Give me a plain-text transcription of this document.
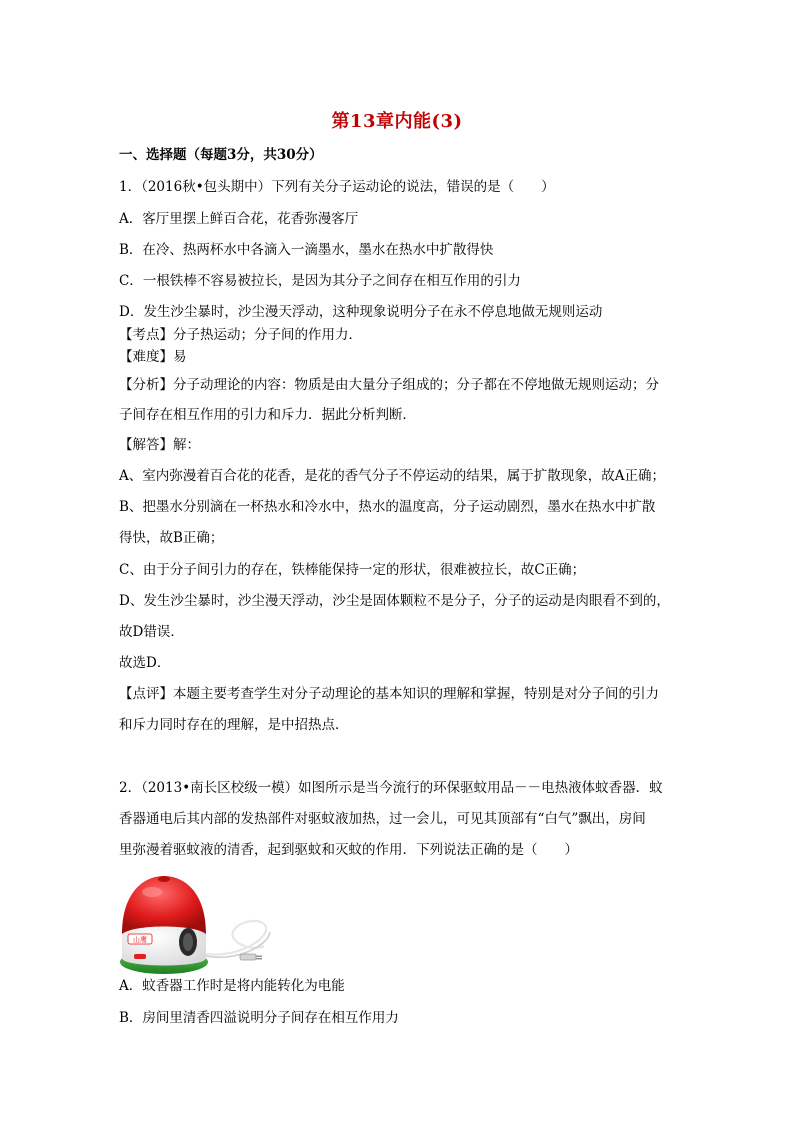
第13章内能(3)
一、选择题（每题3分，共30分）
1．（2016秋•包头期中）下列有关分子运动论的说法，错误的是（　　）
A．客厅里摆上鲜百合花，花香弥漫客厅
B．在冷、热两杯水中各滴入一滴墨水，墨水在热水中扩散得快
C．一根铁棒不容易被拉长，是因为其分子之间存在相互作用的引力
D．发生沙尘暴时，沙尘漫天浮动，这种现象说明分子在永不停息地做无规则运动
【考点】分子热运动；分子间的作用力．
【难度】易
【分析】分子动理论的内容：物质是由大量分子组成的；分子都在不停地做无规则运动；分
子间存在相互作用的引力和斥力．据此分析判断．
【解答】解：
A、室内弥漫着百合花的花香，是花的香气分子不停运动的结果，属于扩散现象，故A正确；
B、把墨水分别滴在一杯热水和冷水中，热水的温度高，分子运动剧烈，墨水在热水中扩散
得快，故B正确；
C、由于分子间引力的存在，铁棒能保持一定的形状，很难被拉长，故C正确；
D、发生沙尘暴时，沙尘漫天浮动，沙尘是固体颗粒不是分子，分子的运动是肉眼看不到的，
故D错误．
故选D．
【点评】本题主要考查学生对分子动理论的基本知识的理解和掌握，特别是对分子间的引力
和斥力同时存在的理解，是中招热点．
2．（2013•南长区校级一模）如图所示是当今流行的环保驱蚊用品－－电热液体蚊香器．蚊
香器通电后其内部的发热部件对驱蚊液加热，过一会儿，可见其顶部有“白气”飘出，房间
里弥漫着驱蚊液的清香，起到驱蚊和灭蚊的作用．下列说法正确的是（　　）
山鹰
A．蚊香器工作时是将内能转化为电能
B．房间里清香四溢说明分子间存在相互作用力
